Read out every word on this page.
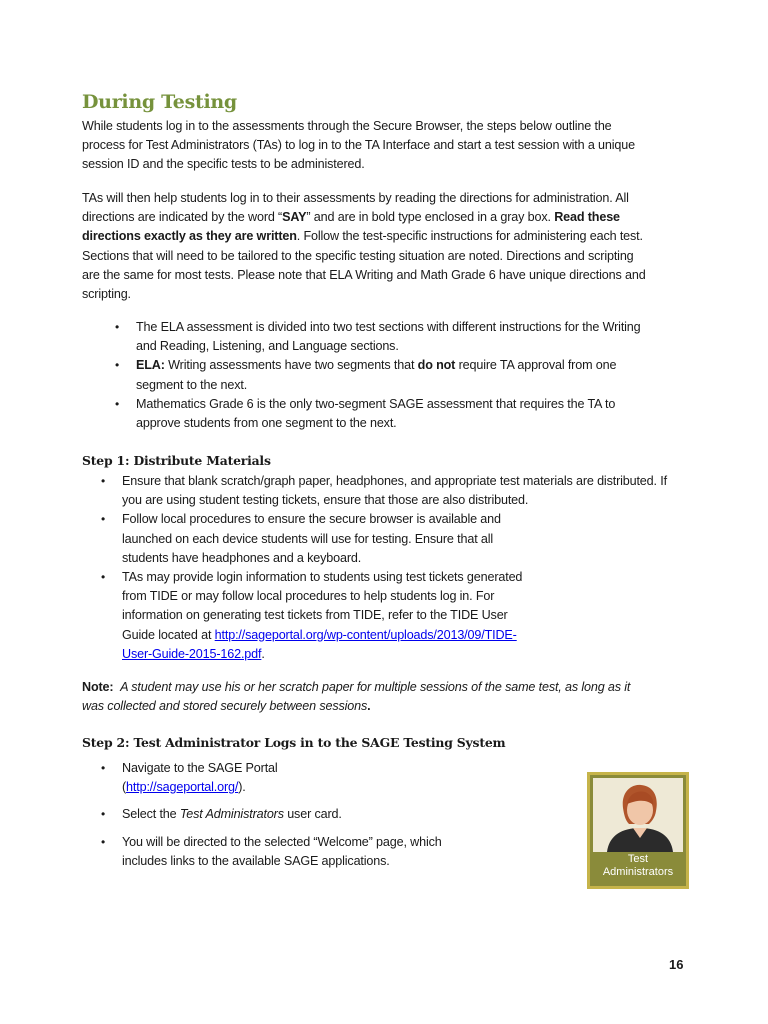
During Testing
While students log in to the assessments through the Secure Browser, the steps below outline the process for Test Administrators (TAs) to log in to the TA Interface and start a test session with a unique session ID and the specific tests to be administered.
TAs will then help students log in to their assessments by reading the directions for administration. All directions are indicated by the word “SAY” and are in bold type enclosed in a gray box. Read these directions exactly as they are written. Follow the test-specific instructions for administering each test. Sections that will need to be tailored to the specific testing situation are noted. Directions and scripting are the same for most tests. Please note that ELA Writing and Math Grade 6 have unique directions and scripting.
• The ELA assessment is divided into two test sections with different instructions for the Writing and Reading, Listening, and Language sections.
• ELA: Writing assessments have two segments that do not require TA approval from one segment to the next.
• Mathematics Grade 6 is the only two-segment SAGE assessment that requires the TA to approve students from one segment to the next.
Step 1: Distribute Materials
• Ensure that blank scratch/graph paper, headphones, and appropriate test materials are distributed. If you are using student testing tickets, ensure that those are also distributed.
• Follow local procedures to ensure the secure browser is available and launched on each device students will use for testing. Ensure that all students have headphones and a keyboard.
• TAs may provide login information to students using test tickets generated from TIDE or may follow local procedures to help students log in. For information on generating test tickets from TIDE, refer to the TIDE User Guide located at http://sageportal.org/wp-content/uploads/2013/09/TIDE-User-Guide-2015-162.pdf.
Note: A student may use his or her scratch paper for multiple sessions of the same test, as long as it was collected and stored securely between sessions.
Step 2: Test Administrator Logs in to the SAGE Testing System
• Navigate to the SAGE Portal
(http://sageportal.org/).
• Select the Test Administrators user card.
• You will be directed to the selected “Welcome” page, which includes links to the available SAGE applications.	Test
Administrators
16
